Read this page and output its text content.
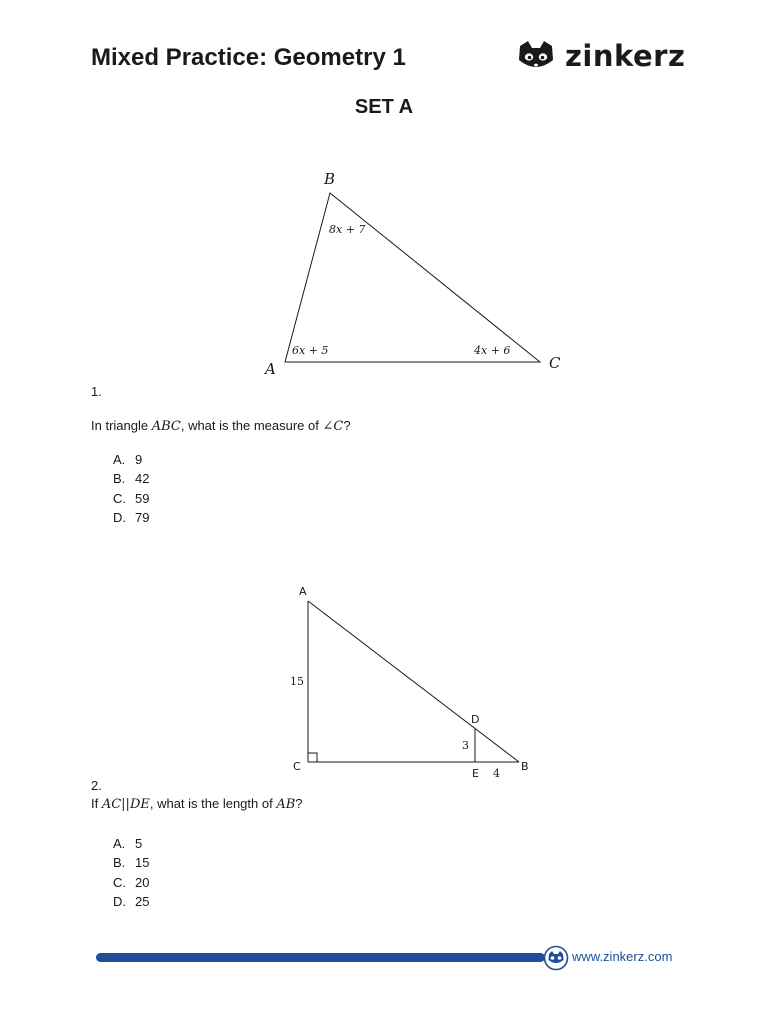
Mixed Practice: Geometry 1	zinkerz
SET A
B
A	C
8x + 7
6x + 5	4x + 6
1.
In triangle ABC, what is the measure of ∠C?
A. 9
B. 42
C. 59
D. 79
A
C
D
E
B
15
3
4
2.
If AC||DE, what is the length of AB?
A. 5
B. 15
C. 20
D. 25
www.zinkerz.com
